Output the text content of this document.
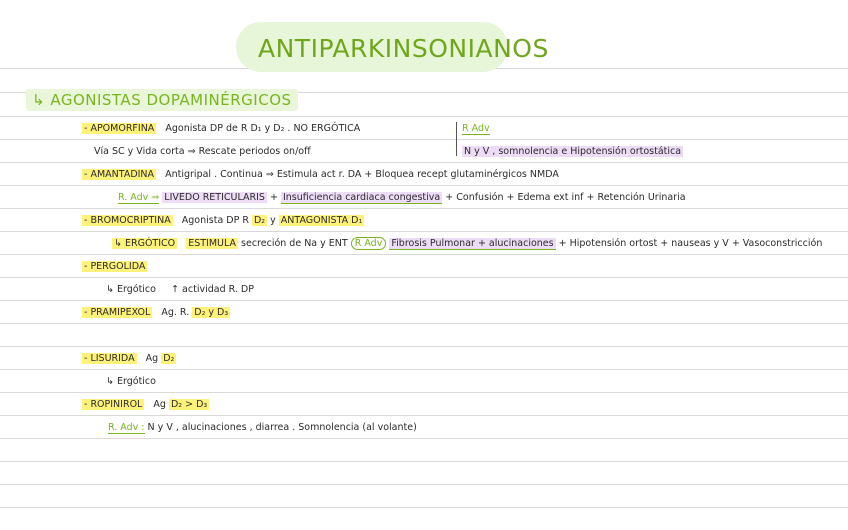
ANTIPARKINSONIANOS
↳ AGONISTAS DOPAMINÉRGICOS
- APOMORFINA Agonista DP de R D₁ y D₂ . NO ERGÓTICA	R Adv
Vía SC y Vida corta ⇒ Rescate periodos on/off	N y V , somnolencia e Hipotensión ortostática
- AMANTADINA Antigripal . Continua ⇒ Estimula act r. DA + Bloquea recept glutaminérgicos NMDA
R. Adv ⇒ LIVEDO RETICULARIS + Insuficiencia cardiaca congestiva + Confusión + Edema ext inf + Retención Urinaria
- BROMOCRIPTINA Agonista DP R D₂ y ANTAGONISTA D₁
↳ ERGÓTICO ESTIMULA secreción de Na y ENT R Adv Fibrosis Pulmonar + alucinaciones + Hipotensión ortost + nauseas y V + Vasoconstricción
- PERGOLIDA
↳ Ergótico ↑ actividad R. DP
- PRAMIPEXOL Ag. R. D₂ y D₃
- LISURIDA Ag D₂
↳ Ergótico
- ROPINIROL Ag D₂ > D₃
R. Adv : N y V , alucinaciones , diarrea . Somnolencia (al volante)
